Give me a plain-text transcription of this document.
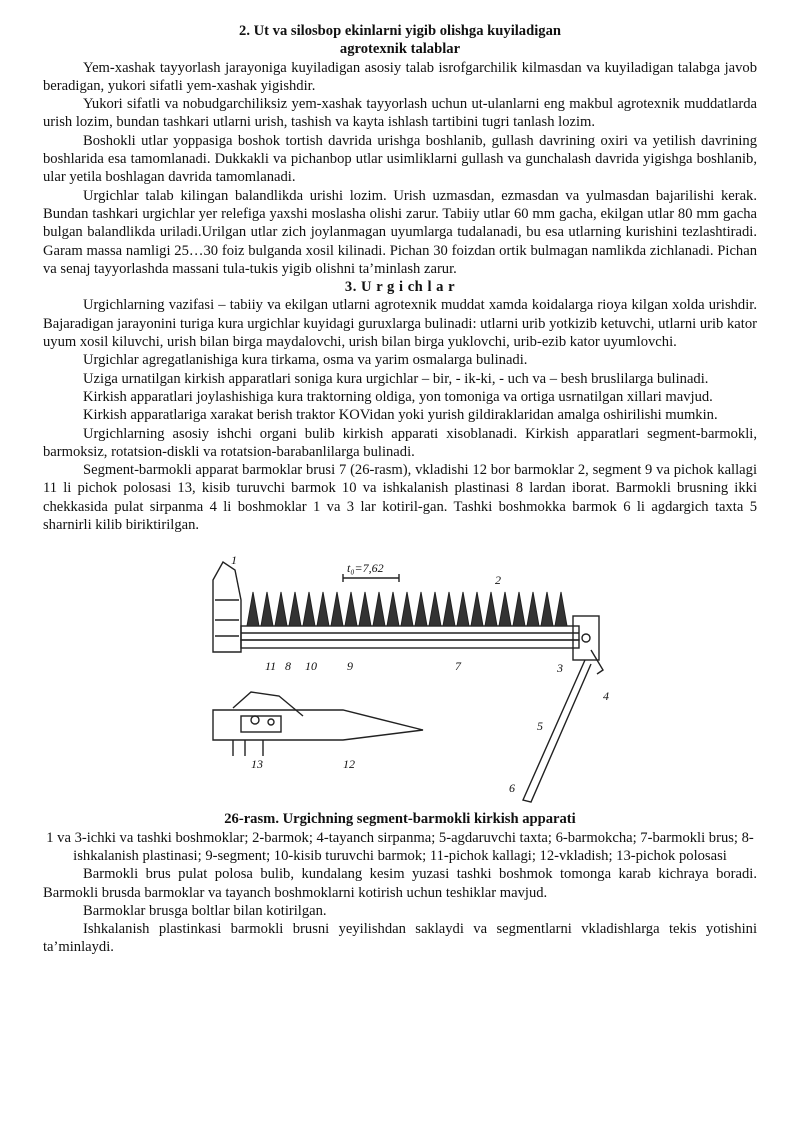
2. Ut va silosbop ekinlarni yigib olishga kuyiladigan
agrotexnik talablar

Yem-xashak tayyorlash jarayoniga kuyiladigan asosiy talab isrofgarchilik kilmasdan va kuyiladigan talabga javob beradigan, yukori sifatli yem-xashak yigishdir.

Yukori sifatli va nobudgarchiliksiz yem-xashak tayyorlash uchun ut-ulanlarni eng makbul agrotexnik muddatlarda urish lozim, bundan tashkari utlarni urish, tashish va kayta ishlash tartibini tugri tanlash lozim.

Boshokli utlar yoppasiga boshok tortish davrida urishga boshlanib, gullash davrining oxiri va yetilish davrining boshlarida esa tamomlanadi. Dukkakli va pichanbop utlar usimliklarni gullash va gunchalash davrida yigishga boshlanib, ular yetila boshlagan davrida tamomlanadi.

Urgichlar talab kilingan balandlikda urishi lozim. Urish uzmasdan, ezmasdan va yulmasdan bajarilishi kerak. Bundan tashkari urgichlar yer relefiga yaxshi moslasha olishi zarur. Tabiiy utlar 60 mm gacha, ekilgan utlar 80 mm gacha bulgan balandlikda uriladi.Urilgan utlar zich joylanmagan uyumlarga tudalanadi, bu esa utlarning kurishini tezlashtiradi. Garam massa namligi 25…30 foiz bulganda xosil kilinadi. Pichan 30 foizdan ortik bulmagan namlikda zichlanadi. Pichan va senaj tayyorlashda massani tula-tukis yigib olishni ta’minlash zarur.

3. U r g i ch l a r

Urgichlarning vazifasi – tabiiy va ekilgan utlarni agrotexnik muddat xamda koidalarga rioya kilgan xolda urishdir. Bajaradigan jarayonini turiga kura urgichlar kuyidagi guruxlarga bulinadi: utlarni urib yotkizib ketuvchi, utlarni urib kator uyum xosil kiluvchi, urish bilan birga maydalovchi, urish bilan birga yuklovchi, urib-ezib kator uyumlovchi.

Urgichlar agregatlanishiga kura tirkama, osma va yarim osmalarga bulinadi.

Uziga urnatilgan kirkish apparatlari soniga kura urgichlar – bir, - ik-ki, - uch va – besh bruslilarga bulinadi.

Kirkish apparatlari joylashishiga kura traktorning oldiga, yon tomoniga va ortiga usrnatilgan xillari mavjud.

Kirkish apparatlariga xarakat berish traktor KOVidan yoki yurish gildiraklaridan amalga oshirilishi mumkin.

Urgichlarning asosiy ishchi organi bulib kirkish apparati xisoblanadi. Kirkish apparatlari segment-barmokli, barmoksiz, rotatsion-diskli va rotatsion-barabanlilarga bulinadi.

Segment-barmokli apparat barmoklar brusi 7 (26-rasm), vkladishi 12 bor barmoklar 2, segment 9 va pichok kallagi 11 li pichok polosasi 13, kisib turuvchi barmok 10 va ishkalanish plastinasi 8 lardan iborat. Barmokli brusning ikki chekkasida pulat sirpanma 4 li boshmoklar 1 va 3 lar kotiril-gan. Tashki boshmokka barmok 6 li agdargich taxta 5 sharnirli kilib biriktirilgan.

t₀=7,62
1
2
3
4
5
6
7
8	9
10
11
12
13
26-rasm. Urgichning segment-barmokli kirkish apparati
1 va 3-ichki va tashki boshmoklar; 2-barmok; 4-tayanch sirpanma; 5-agdaruvchi taxta; 6-barmokcha; 7-barmokli brus; 8-ishkalanish plastinasi; 9-segment; 10-kisib turuvchi barmok; 11-pichok kallagi; 12-vkladish; 13-pichok polosasi

Barmokli brus pulat polosa bulib, kundalang kesim yuzasi tashki boshmok tomonga karab kichraya boradi. Barmokli brusda barmoklar va tayanch boshmoklarni kotirish uchun teshiklar mavjud.

Barmoklar brusga boltlar bilan kotirilgan.

Ishkalanish plastinkasi barmokli brusni yeyilishdan saklaydi va segmentlarni vkladishlarga tekis yotishini ta’minlaydi.
